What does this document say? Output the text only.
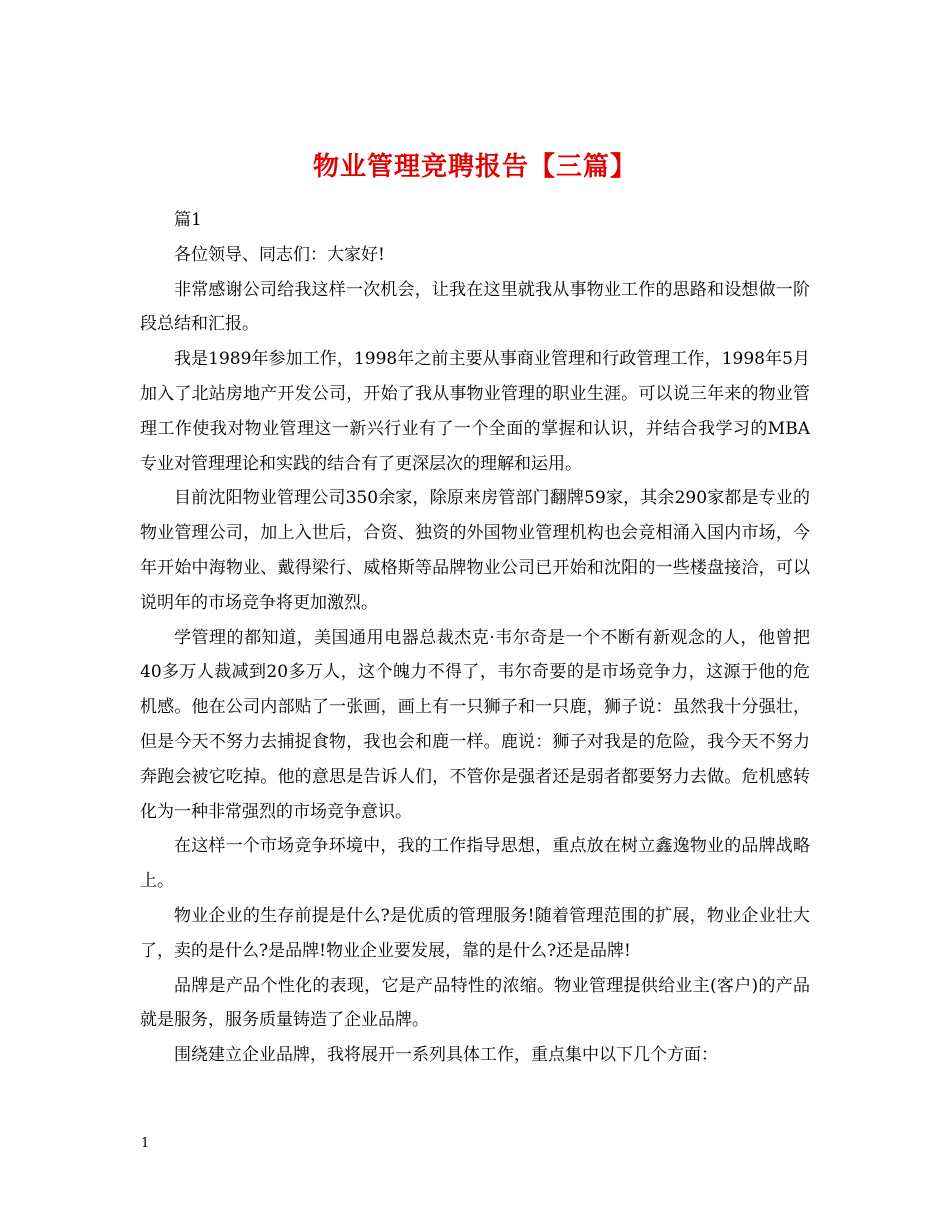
物业管理竞聘报告【三篇】

篇1

各位领导、同志们：大家好!

非常感谢公司给我这样一次机会，让我在这里就我从事物业工作的思路和设想做一阶段总结和汇报。

我是1989年参加工作，1998年之前主要从事商业管理和行政管理工作，1998年5月加入了北站房地产开发公司，开始了我从事物业管理的职业生涯。可以说三年来的物业管理工作使我对物业管理这一新兴行业有了一个全面的掌握和认识，并结合我学习的MBA专业对管理理论和实践的结合有了更深层次的理解和运用。

目前沈阳物业管理公司350余家，除原来房管部门翻牌59家，其余290家都是专业的物业管理公司，加上入世后，合资、独资的外国物业管理机构也会竞相涌入国内市场，今年开始中海物业、戴得梁行、威格斯等品牌物业公司已开始和沈阳的一些楼盘接洽，可以说明年的市场竞争将更加激烈。

学管理的都知道，美国通用电器总裁杰克·韦尔奇是一个不断有新观念的人，他曾把40多万人裁减到20多万人，这个魄力不得了，韦尔奇要的是市场竞争力，这源于他的危机感。他在公司内部贴了一张画，画上有一只狮子和一只鹿，狮子说：虽然我十分强壮，但是今天不努力去捕捉食物，我也会和鹿一样。鹿说：狮子对我是的危险，我今天不努力奔跑会被它吃掉。他的意思是告诉人们，不管你是强者还是弱者都要努力去做。危机感转化为一种非常强烈的市场竞争意识。

在这样一个市场竞争环境中，我的工作指导思想，重点放在树立鑫逸物业的品牌战略上。

物业企业的生存前提是什么?是优质的管理服务!随着管理范围的扩展，物业企业壮大了，卖的是什么?是品牌!物业企业要发展，靠的是什么?还是品牌!

品牌是产品个性化的表现，它是产品特性的浓缩。物业管理提供给业主(客户)的产品就是服务，服务质量铸造了企业品牌。

围绕建立企业品牌，我将展开一系列具体工作，重点集中以下几个方面：

1
